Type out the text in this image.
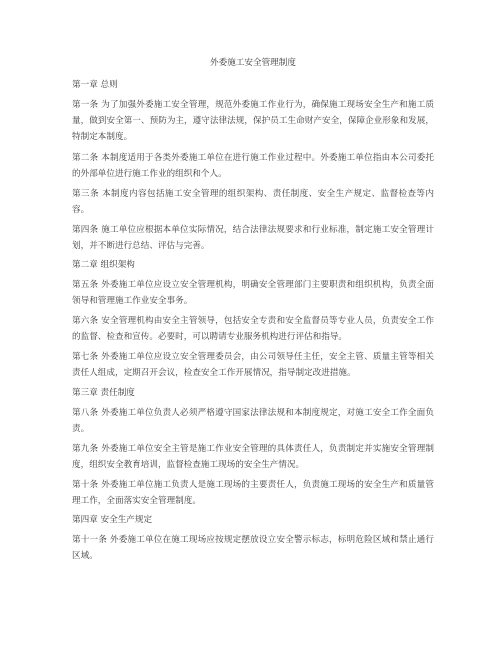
外委施工安全管理制度

第一章 总则

第一条 为了加强外委施工安全管理，规范外委施工作业行为，确保施工现场安全生产和施工质量，做到安全第一、预防为主，遵守法律法规，保护员工生命财产安全，保障企业形象和发展，特制定本制度。

第二条 本制度适用于各类外委施工单位在进行施工作业过程中。外委施工单位指由本公司委托的外部单位进行施工作业的组织和个人。

第三条 本制度内容包括施工安全管理的组织架构、责任制度、安全生产规定、监督检查等内容。

第四条 施工单位应根据本单位实际情况，结合法律法规要求和行业标准，制定施工安全管理计划，并不断进行总结、评估与完善。

第二章 组织架构

第五条 外委施工单位应设立安全管理机构，明确安全管理部门主要职责和组织机构，负责全面领导和管理施工作业安全事务。

第六条 安全管理机构由安全主管领导，包括安全专责和安全监督员等专业人员，负责安全工作的监督、检查和宣传。必要时，可以聘请专业服务机构进行评估和指导。

第七条 外委施工单位应设立安全管理委员会，由公司领导任主任，安全主管、质量主管等相关责任人组成，定期召开会议，检查安全工作开展情况，指导制定改进措施。

第三章 责任制度

第八条 外委施工单位负责人必须严格遵守国家法律法规和本制度规定，对施工安全工作全面负责。

第九条 外委施工单位安全主管是施工作业安全管理的具体责任人，负责制定并实施安全管理制度，组织安全教育培训，监督检查施工现场的安全生产情况。

第十条 外委施工单位施工负责人是施工现场的主要责任人，负责施工现场的安全生产和质量管理工作，全面落实安全管理制度。

第四章 安全生产规定

第十一条 外委施工单位在施工现场应按规定摆放设立安全警示标志，标明危险区域和禁止通行区域。
